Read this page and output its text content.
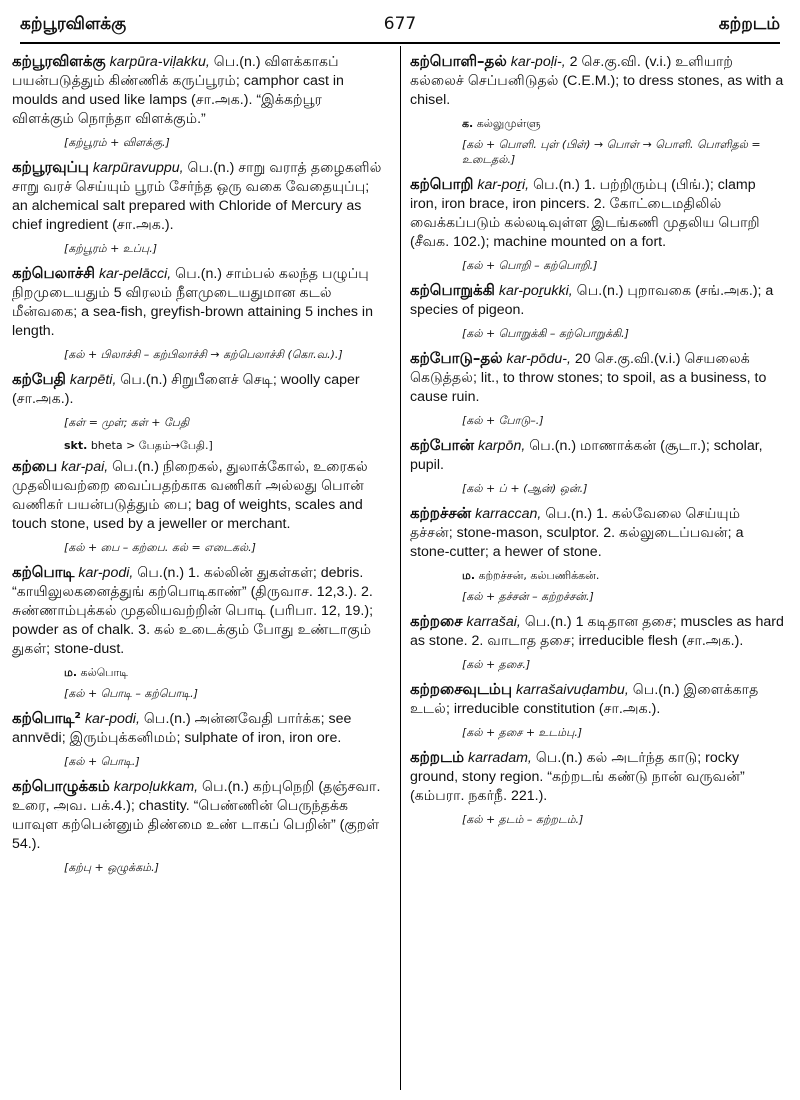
கற்பூரவிளக்கு	677	கற்றடம்
கற்பூரவிளக்கு karpūra-viḷakku, பெ.(n.) விளக்காகப் பயன்படுத்தும் கிண்ணிக் கருப்பூரம்; camphor cast in moulds and used like lamps (சா.அக.). “இக்கற்பூர விளக்கும் நொந்தா விளக்கும்.”
[கற்பூரம் + விளக்கு.]
கற்பூரவுப்பு karpūravuppu, பெ.(n.) சாறு வராத் தழைகளில் சாறு வரச் செய்யும் பூரம் சேர்ந்த ஒரு வகை வேதையுப்பு; an alchemical salt prepared with Chloride of Mercury as chief ingredient (சா.அக.).
[கற்பூரம் + உப்பு.]
கற்பெலாச்சி kar-pelācci, பெ.(n.) சாம்பல் கலந்த பழுப்பு நிறமுடையதும் 5 விரலம் நீளமுடையதுமான கடல் மீன்வகை; a sea-fish, greyfish-brown attaining 5 inches in length.
[கல் + பிலாச்சி – கற்பிலாச்சி → கற்பெலாச்சி (கொ.வ.).]
கற்பேதி karpēti, பெ.(n.) சிறுபீளைச் செடி; woolly caper (சா.அக.).
[கள் = முள்; கள் + பேதி
skt. bheta > பேதம்→பேதி.]
கற்பை kar-pai, பெ.(n.) நிறைகல், துலாக்கோல், உரைகல் முதலியவற்றை வைப்பதற்காக வணிகர் அல்லது பொன் வணிகர் பயன்படுத்தும் பை; bag of weights, scales and touch stone, used by a jeweller or merchant.
[கல் + பை – கற்பை. கல் = எடைகல்.]
கற்பொடி kar-podi, பெ.(n.) 1. கல்லின் துகள்கள்; debris. “காயிலுலகனைத்துங் கற்பொடிகாண்” (திருவாச. 12,3.). 2. சுண்ணாம்புக்கல் முதலியவற்றின் பொடி (பரிபா. 12, 19.); powder as of chalk. 3. கல் உடைக்கும் போது உண்டாகும் துகள்; stone-dust.
ம. கல்பொடி
[கல் + பொடி – கற்பொடி.]
கற்பொடி² kar-podi, பெ.(n.) அன்னவேதி பார்க்க; see annvēdi; இரும்புக்கனிமம்; sulphate of iron, iron ore.
[கல் + பொடி.]
கற்பொழுக்கம் karpoḷukkam, பெ.(n.) கற்புநெறி (தஞ்சவா. உரை, அவ. பக்.4.); chastity. “பெண்ணின் பெருந்தக்க யாவுள கற்பென்னும் திண்மை உண் டாகப் பெறின்” (குறள் 54.).
[கற்பு + ஒழுக்கம்.]
கற்பொளி–தல் kar-poḷi-, 2 செ.கு.வி. (v.i.) உளியாற் கல்லைச் செப்பனிடுதல் (C.E.M.); to dress stones, as with a chisel.
க. கல்லுமுள்ளு
[கல் + பொளி. புள் (பிள்) → பொள் → பொளி. பொளிதல் = உடைதல்.]
கற்பொறி kar-poṟi, பெ.(n.) 1. பற்றிரும்பு (பிங்.); clamp iron, iron brace, iron pincers. 2. கோட்டைமதிலில் வைக்கப்படும் கல்லடிவுள்ள இடங்கணி முதலிய பொறி (சீவக. 102.); machine mounted on a fort.
[கல் + பொறி – கற்பொறி.]
கற்பொறுக்கி kar-poṟukki, பெ.(n.) புறாவகை (சங்.அக.); a species of pigeon.
[கல் + பொறுக்கி – கற்பொறுக்கி.]
கற்போடு–தல் kar-pōdu-, 20 செ.கு.வி.(v.i.) செயலைக் கெடுத்தல்; lit., to throw stones; to spoil, as a business, to cause ruin.
[கல் + போடு–.]
கற்போன் karpōn, பெ.(n.) மாணாக்கன் (சூடா.); scholar, pupil.
[கல் + ப் + (ஆன்) ஒன்.]
கற்றச்சன் karraccan, பெ.(n.) 1. கல்வேலை செய்யும் தச்சன்; stone-mason, sculptor. 2. கல்லுடைப்பவன்; a stone-cutter; a hewer of stone.
ம. கற்றச்சன், கல்பணிக்கன்.
[கல் + தச்சன் – கற்றச்சன்.]
கற்றசை karrašai, பெ.(n.) 1 கடிதான தசை; muscles as hard as stone. 2. வாடாத தசை; irreducible flesh (சா.அக.).
[கல் + தசை.]
கற்றசைவுடம்பு karrašaivuḍambu, பெ.(n.) இளைக்காத உடல்; irreducible constitution (சா.அக.).
[கல் + தசை + உடம்பு.]
கற்றடம் karradam, பெ.(n.) கல் அடர்ந்த காடு; rocky ground, stony region. “கற்றடங் கண்டு நான் வருவன்” (கம்பரா. நகர்நீ. 221.).
[கல் + தடம் – கற்றடம்.]
